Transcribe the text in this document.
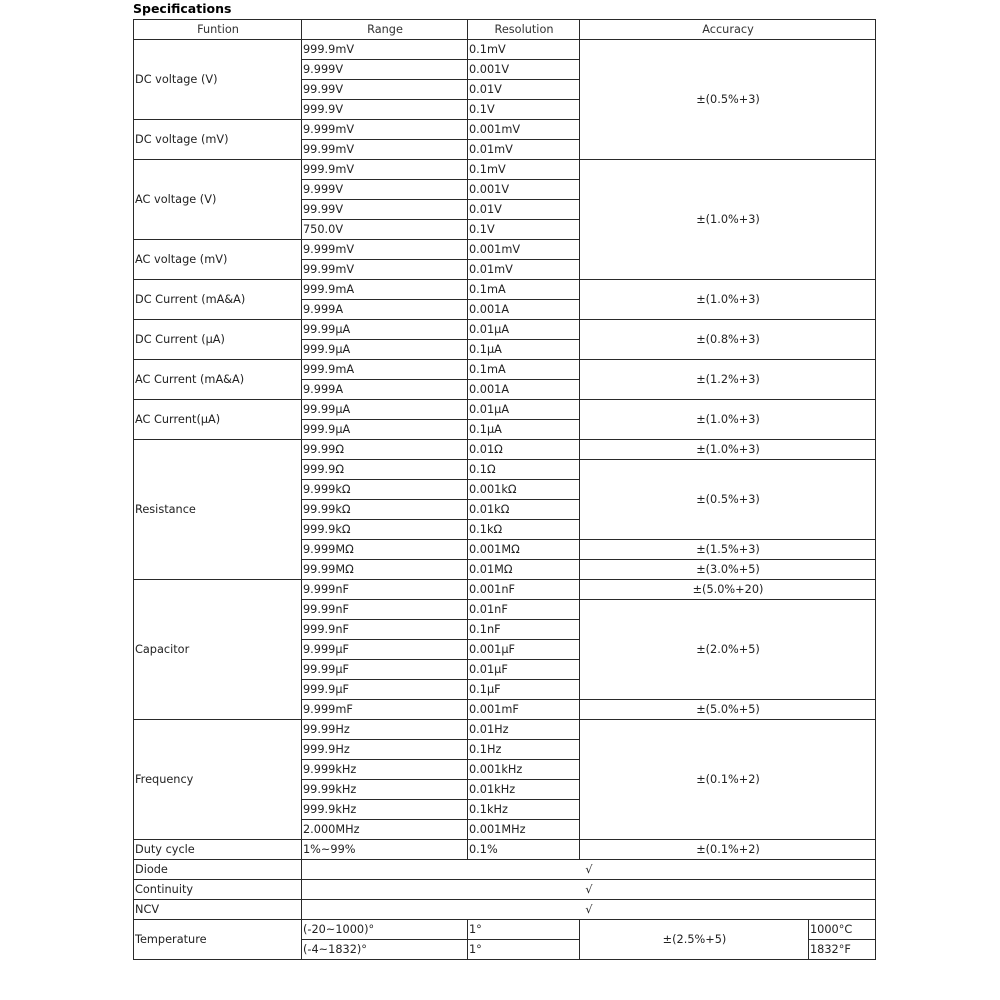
Specifications
Funtion	Range	Resolution	Accuracy	
DC voltage (V)	999.9mV	0.1mV	±(0.5%+3)	
	9.999V	0.001V		
	99.99V	0.01V		
	999.9V	0.1V		
DC voltage (mV)	9.999mV	0.001mV		
	99.99mV	0.01mV		
AC voltage (V)	999.9mV	0.1mV	±(1.0%+3)	
	9.999V	0.001V		
	99.99V	0.01V		
	750.0V	0.1V		
AC voltage (mV)	9.999mV	0.001mV		
	99.99mV	0.01mV		
DC Current (mA&A)	999.9mA	0.1mA	±(1.0%+3)	
	9.999A	0.001A		
DC Current (μA)	99.99μA	0.01μA	±(0.8%+3)	
	999.9μA	0.1μA		
AC Current (mA&A)	999.9mA	0.1mA	±(1.2%+3)	
	9.999A	0.001A		
AC Current(μA)	99.99μA	0.01μA	±(1.0%+3)	
	999.9μA	0.1μA		
Resistance	99.99Ω	0.01Ω	±(1.0%+3)	
	999.9Ω	0.1Ω	±(0.5%+3)	
	9.999kΩ	0.001kΩ		
	99.99kΩ	0.01kΩ		
	999.9kΩ	0.1kΩ		
	9.999MΩ	0.001MΩ	±(1.5%+3)	
	99.99MΩ	0.01MΩ	±(3.0%+5)	
Capacitor	9.999nF	0.001nF	±(5.0%+20)	
	99.99nF	0.01nF	±(2.0%+5)	
	999.9nF	0.1nF		
	9.999μF	0.001μF		
	99.99μF	0.01μF		
	999.9μF	0.1μF		
	9.999mF	0.001mF	±(5.0%+5)	
Frequency	99.99Hz	0.01Hz	±(0.1%+2)	
	999.9Hz	0.1Hz		
	9.999kHz	0.001kHz		
	99.99kHz	0.01kHz		
	999.9kHz	0.1kHz		
	2.000MHz	0.001MHz		
Duty cycle	1%~99%	0.1%	±(0.1%+2)	
Diode	√			
Continuity	√			
NCV	√			
Temperature	(-20~1000)°	1°	±(2.5%+5)	1000°C
	(-4~1832)°	1°		1832°F
